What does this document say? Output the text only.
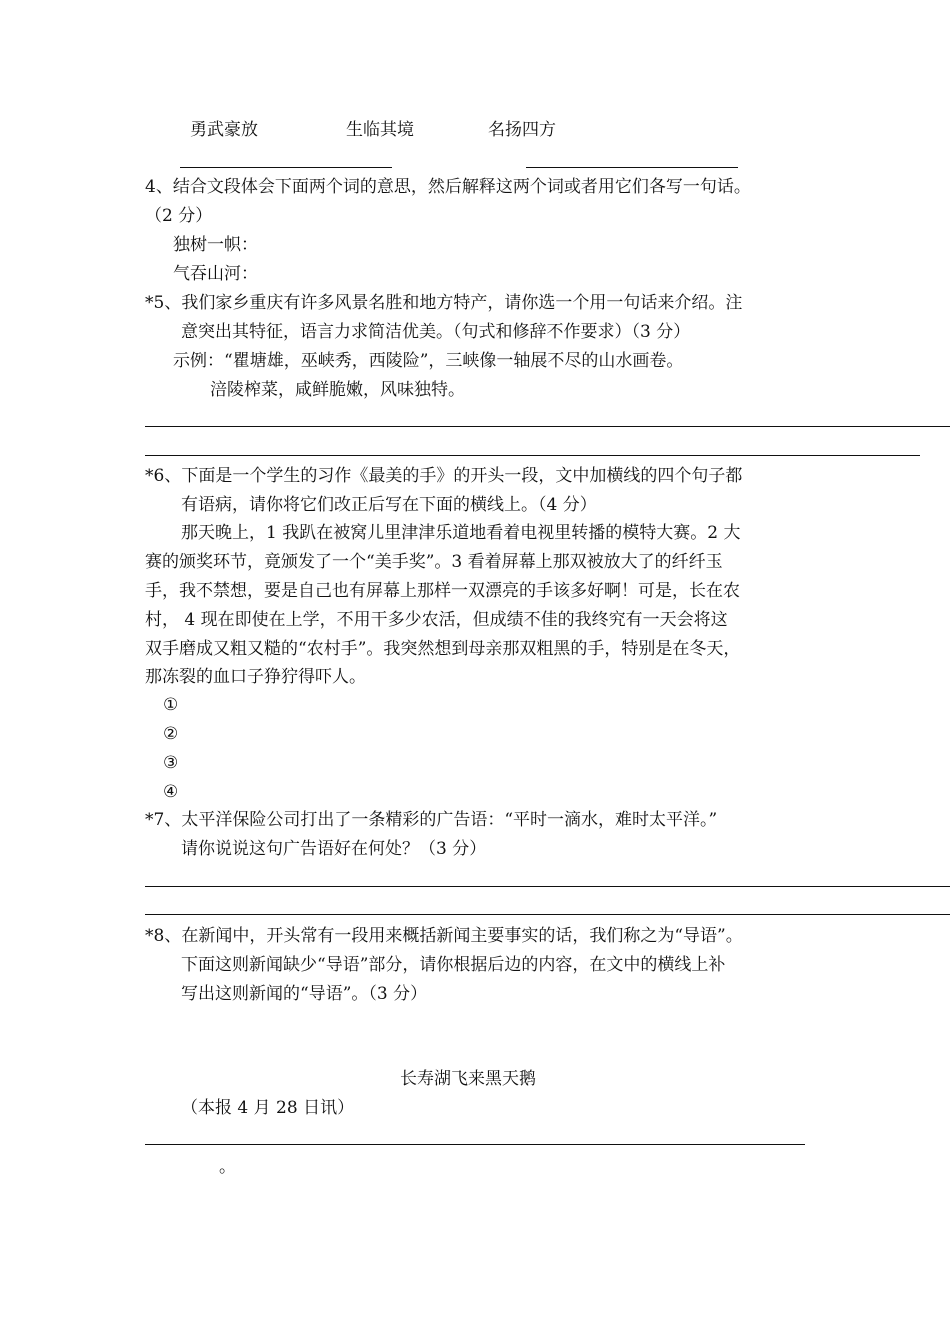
勇武豪放	生临其境	名扬四方
4、结合文段体会下面两个词的意思，然后解释这两个词或者用它们各写一句话。
（2 分）
独树一帜：
气吞山河：
*5、我们家乡重庆有许多风景名胜和地方特产，请你选一个用一句话来介绍。注
意突出其特征，语言力求简洁优美。（句式和修辞不作要求）（3 分）
示例：“瞿塘雄，巫峡秀，西陵险”，三峡像一轴展不尽的山水画卷。
涪陵榨菜，咸鲜脆嫩，风味独特。
*6、下面是一个学生的习作《最美的手》的开头一段，文中加横线的四个句子都
有语病，请你将它们改正后写在下面的横线上。（4 分）
那天晚上，1 我趴在被窝儿里津津乐道地看着电视里转播的模特大赛。2 大
赛的颁奖环节，竟颁发了一个“美手奖”。3 看着屏幕上那双被放大了的纤纤玉
手，我不禁想，要是自己也有屏幕上那样一双漂亮的手该多好啊！可是，长在农
村， 4 现在即使在上学，不用干多少农活，但成绩不佳的我终究有一天会将这
双手磨成又粗又糙的“农村手”。我突然想到母亲那双粗黑的手，特别是在冬天，
那冻裂的血口子狰狞得吓人。
①
②
③
④
*7、太平洋保险公司打出了一条精彩的广告语：“平时一滴水，难时太平洋。”
请你说说这句广告语好在何处？（3 分）
*8、在新闻中，开头常有一段用来概括新闻主要事实的话，我们称之为“导语”。
下面这则新闻缺少“导语”部分，请你根据后边的内容，在文中的横线上补
写出这则新闻的“导语”。（3 分）
长寿湖飞来黑天鹅
（本报 4 月 28 日讯）
。
